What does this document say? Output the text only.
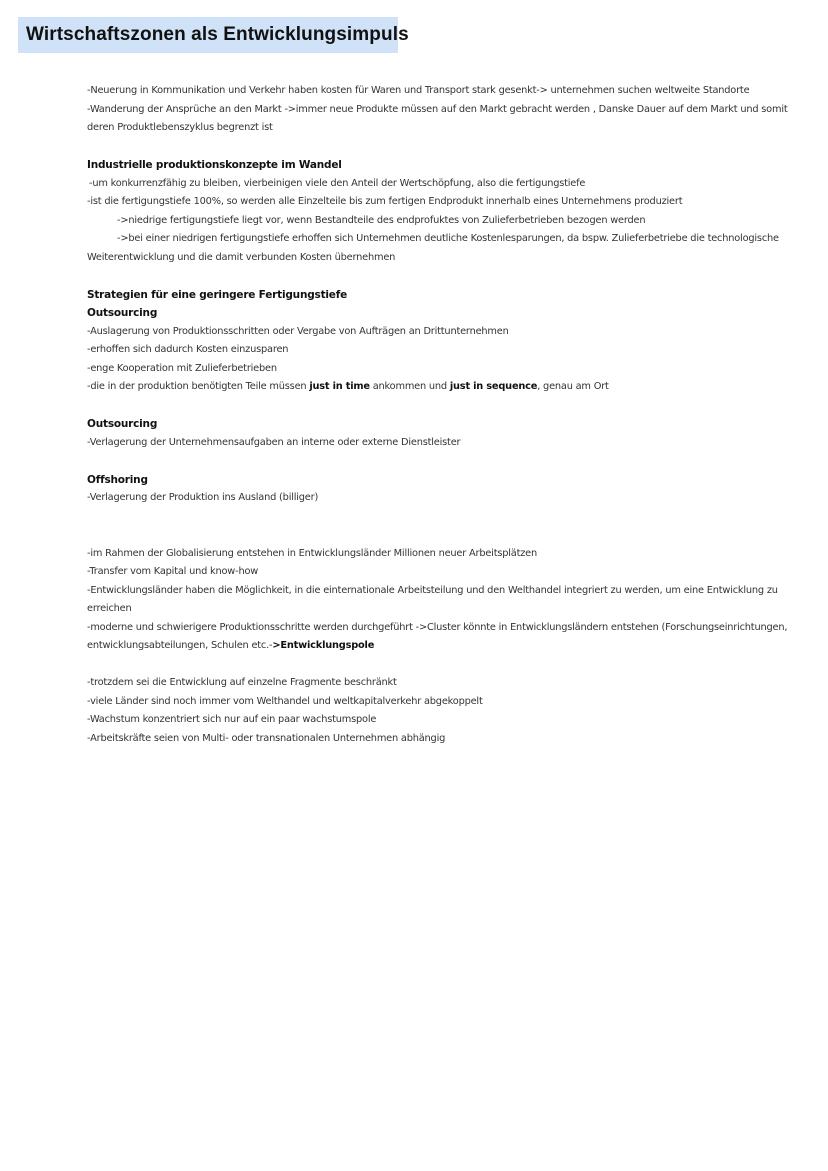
Wirtschaftszonen als Entwicklungsimpuls

-Neuerung in Kommunikation und Verkehr haben kosten für Waren und Transport stark gesenkt-> unternehmen suchen weltweite Standorte

-Wanderung der Ansprüche an den Markt ->immer neue Produkte müssen auf den Markt gebracht werden , Danske Dauer auf dem Markt und somit deren Produktlebenszyklus begrenzt ist

Industrielle produktionskonzepte im Wandel

-um konkurrenzfähig zu bleiben, vierbeinigen viele den Anteil der Wertschöpfung, also die fertigungstiefe

-ist die fertigungstiefe 100%, so werden alle Einzelteile bis zum fertigen Endprodukt innerhalb eines Unternehmens produziert

->niedrige fertigungstiefe liegt vor, wenn Bestandteile des endprofuktes von Zulieferbetrieben bezogen werden

->bei einer niedrigen fertigungstiefe erhoffen sich Unternehmen deutliche Kostenlesparungen, da bspw. Zulieferbetriebe die technologische Weiterentwicklung und die damit verbunden Kosten übernehmen

Strategien für eine geringere Fertigungstiefe

Outsourcing

-Auslagerung von Produktionsschritten oder Vergabe von Aufträgen an Drittunternehmen

-erhoffen sich dadurch Kosten einzusparen

-enge Kooperation mit Zulieferbetrieben

-die in der produktion benötigten Teile müssen just in time ankommen und just in sequence, genau am Ort

Outsourcing

-Verlagerung der Unternehmensaufgaben an interne oder externe Dienstleister

Offshoring

-Verlagerung der Produktion ins Ausland (billiger)

-im Rahmen der Globalisierung entstehen in Entwicklungsländer Millionen neuer Arbeitsplätzen

-Transfer vom Kapital und know-how

-Entwicklungsländer haben die Möglichkeit, in die einternationale Arbeitsteilung und den Welthandel integriert zu werden, um eine Entwicklung zu erreichen

-moderne und schwierigere Produktionsschritte werden durchgeführt ->Cluster könnte in Entwicklungsländern entstehen (Forschungseinrichtungen, entwicklungsabteilungen, Schulen etc.->Entwicklungspole

-trotzdem sei die Entwicklung auf einzelne Fragmente beschränkt

-viele Länder sind noch immer vom Welthandel und weltkapitalverkehr abgekoppelt

-Wachstum konzentriert sich nur auf ein paar wachstumspole

-Arbeitskräfte seien von Multi- oder transnationalen Unternehmen abhängig
